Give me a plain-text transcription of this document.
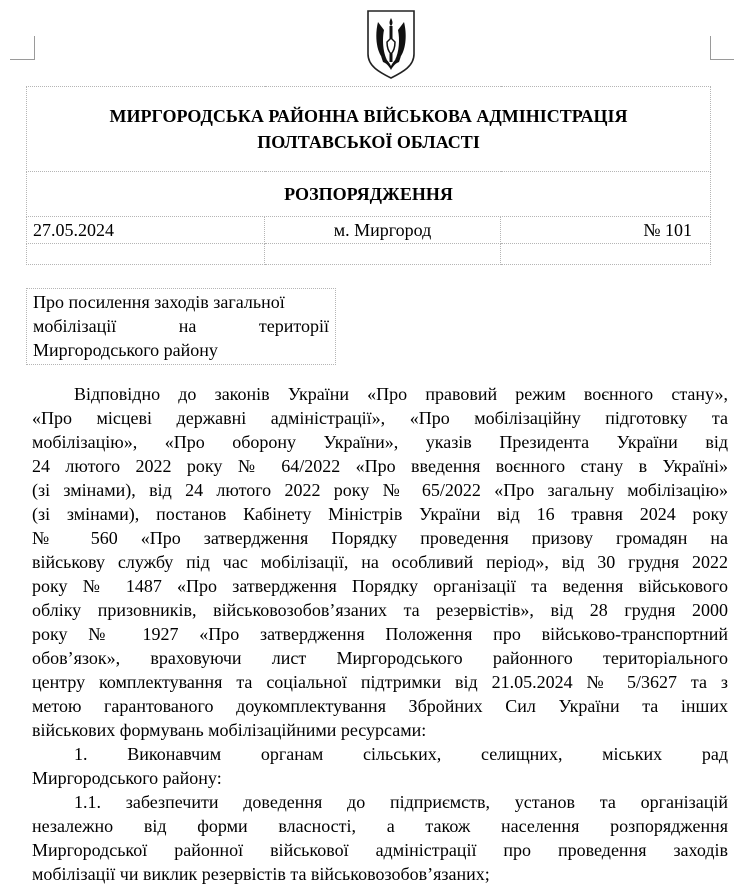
МИРГОРОДСЬКА РАЙОННА ВІЙСЬКОВА АДМІНІСТРАЦІЯ
ПОЛТАВСЬКОЇ ОБЛАСТІ		

РОЗПОРЯДЖЕННЯ		
27.05.2024	м. Миргород	№ 101

Про посилення заходів загальної
мобілізації	на	території
Миргородського району
Відповідно до законів України «Про правовий режим воєнного стану»,
«Про місцеві державні адміністрації», «Про мобілізаційну підготовку та
мобілізацію», «Про оборону України», указів Президента України від
24 лютого 2022 року № 64/2022 «Про введення воєнного стану в Україні»
(зі змінами), від 24 лютого 2022 року № 65/2022 «Про загальну мобілізацію»
(зі змінами), постанов Кабінету Міністрів України від 16 травня 2024 року
№ 560 «Про затвердження Порядку проведення призову громадян на
військову службу під час мобілізації, на особливий період», від 30 грудня 2022
року № 1487 «Про затвердження Порядку організації та ведення військового
обліку призовників, військовозобов’язаних та резервістів», від 28 грудня 2000
року № 1927 «Про затвердження Положення про військово-транспортний
обов’язок», враховуючи лист Миргородського районного територіального
центру комплектування та соціальної підтримки від 21.05.2024 № 5/3627 та з
метою гарантованого доукомплектування Збройних Сил України та інших
військових формувань мобілізаційними ресурсами:
1. Виконавчим органам сільських, селищних, міських рад
Миргородського району:
1.1. забезпечити доведення до підприємств, установ та організацій
незалежно від форми власності, а також населення розпорядження
Миргородської районної військової адміністрації про проведення заходів
мобілізації чи виклик резервістів та військовозобов’язаних;
